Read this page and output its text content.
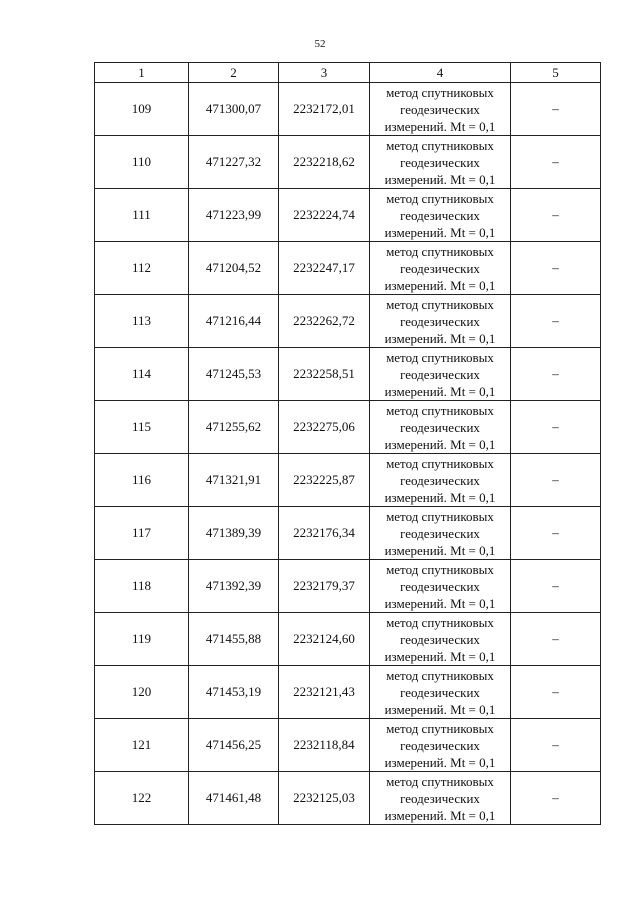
52
1	2	3	4	5
109	471300,07	2232172,01	метод спутниковых
геодезических
измерений. Mt = 0,1	–
110	471227,32	2232218,62	метод спутниковых
геодезических
измерений. Mt = 0,1	–
111	471223,99	2232224,74	метод спутниковых
геодезических
измерений. Mt = 0,1	–
112	471204,52	2232247,17	метод спутниковых
геодезических
измерений. Mt = 0,1	–
113	471216,44	2232262,72	метод спутниковых
геодезических
измерений. Mt = 0,1	–
114	471245,53	2232258,51	метод спутниковых
геодезических
измерений. Mt = 0,1	–
115	471255,62	2232275,06	метод спутниковых
геодезических
измерений. Mt = 0,1	–
116	471321,91	2232225,87	метод спутниковых
геодезических
измерений. Mt = 0,1	–
117	471389,39	2232176,34	метод спутниковых
геодезических
измерений. Mt = 0,1	–
118	471392,39	2232179,37	метод спутниковых
геодезических
измерений. Mt = 0,1	–
119	471455,88	2232124,60	метод спутниковых
геодезических
измерений. Mt = 0,1	–
120	471453,19	2232121,43	метод спутниковых
геодезических
измерений. Mt = 0,1	–
121	471456,25	2232118,84	метод спутниковых
геодезических
измерений. Mt = 0,1	–
122	471461,48	2232125,03	метод спутниковых
геодезических
измерений. Mt = 0,1	–
